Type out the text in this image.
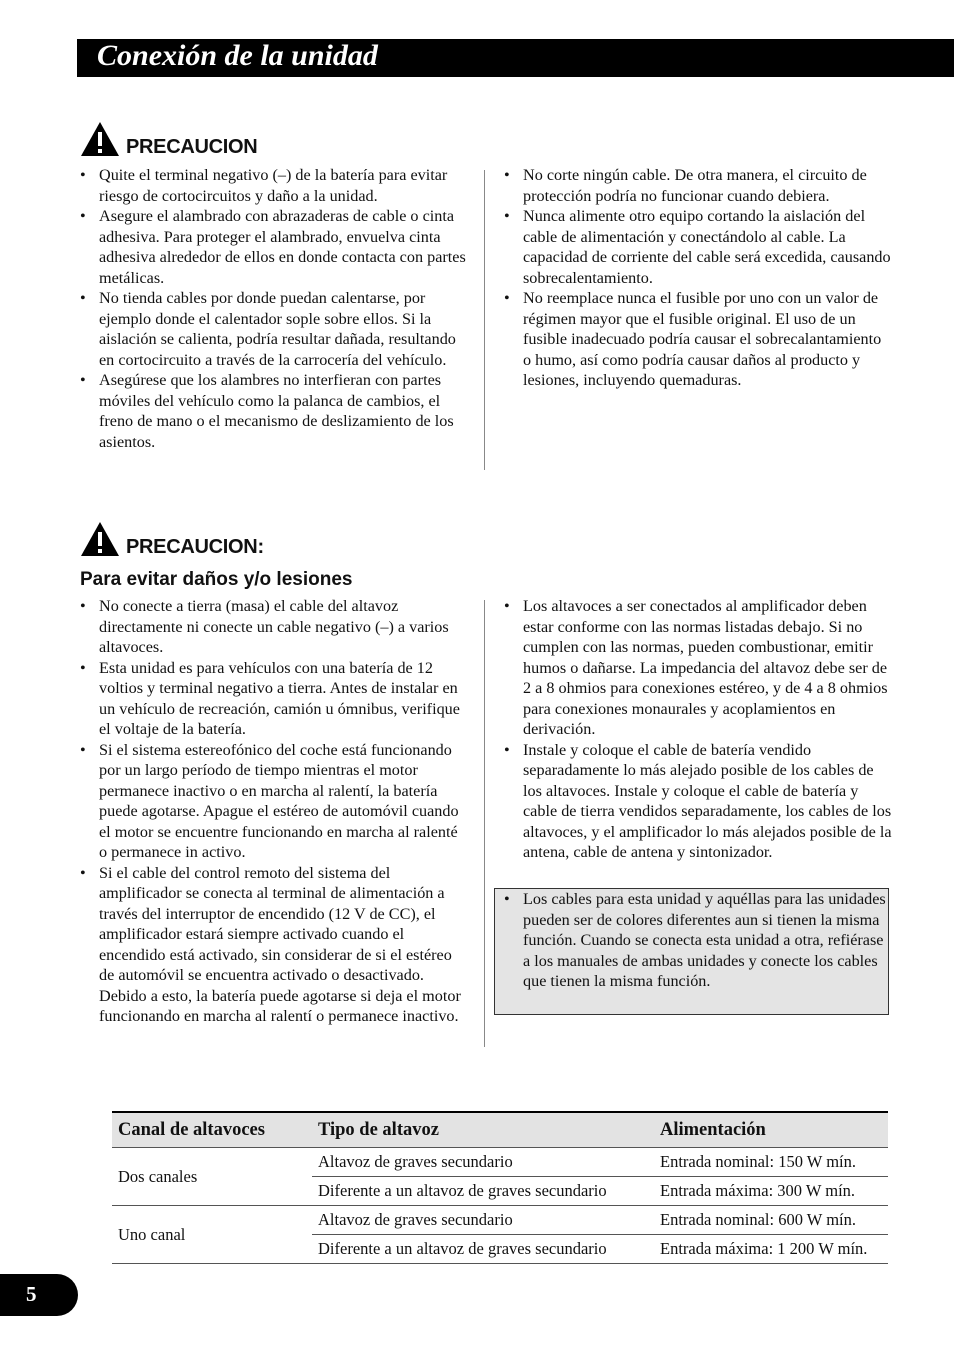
Conexión de la unidad
PRECAUCION
• Quite el terminal negativo (–) de la batería para evitar riesgo de cortocircuitos y daño a la unidad.
• Asegure el alambrado con abrazaderas de cable o cinta adhesiva. Para proteger el alambrado, envuelva cinta adhesiva alrededor de ellos en donde contacta con partes metálicas.
• No tienda cables por donde puedan calentarse, por ejemplo donde el calentador sople sobre ellos. Si la aislación se calienta, podría resultar dañada, resultando en cortocircuito a través de la carrocería del vehículo.
• Asegúrese que los alambres no interfieran con partes móviles del vehículo como la palanca de cambios, el freno de mano o el mecanismo de deslizamiento de los asientos.
• No corte ningún cable. De otra manera, el circuito de protección podría no funcionar cuando debiera.
• Nunca alimente otro equipo cortando la aislación del cable de alimentación y conectándolo al cable. La capacidad de corriente del cable será excedida, causando sobrecalentamiento.
• No reemplace nunca el fusible por uno con un valor de régimen mayor que el fusible original. El uso de un fusible inadecuado podría causar el sobrecalantamiento o humo, así como podría causar daños al producto y lesiones, incluyendo quemaduras.
PRECAUCION:
Para evitar daños y/o lesiones
• No conecte a tierra (masa) el cable del altavoz directamente ni conecte un cable negativo (–) a varios altavoces.
• Esta unidad es para vehículos con una batería de 12 voltios y terminal negativo a tierra. Antes de instalar en un vehículo de recreación, camión u ómnibus, verifique el voltaje de la batería.
• Si el sistema estereofónico del coche está funcionando por un largo período de tiempo mientras el motor permanece inactivo o en marcha al ralentí, la batería puede agotarse. Apague el estéreo de automóvil cuando el motor se encuentre funcionando en marcha al ralenté o permanece in activo.
• Si el cable del control remoto del sistema del amplificador se conecta al terminal de alimentación a través del interruptor de encendido (12 V de CC), el amplificador estará siempre activado cuando el encendido está activado, sin considerar de si el estéreo de automóvil se encuentra activado o desactivado. Debido a esto, la batería puede agotarse si deja el motor funcionando en marcha al ralentí o permanece inactivo.
• Los altavoces a ser conectados al amplificador deben estar conforme con las normas listadas debajo. Si no cumplen con las normas, pueden combustionar, emitir humos o dañarse. La impedancia del altavoz debe ser de 2 a 8 ohmios para conexiones estéreo, y de 4 a 8 ohmios para conexiones monaurales y acoplamientos en derivación.
• Instale y coloque el cable de batería vendido separadamente lo más alejado posible de los cables de los altavoces. Instale y coloque el cable de batería y cable de tierra vendidos separadamente, los cables de los altavoces, y el amplificador lo más alejados posible de la antena, cable de antena y sintonizador.
• Los cables para esta unidad y aquéllas para las unidades pueden ser de colores diferentes aun si tienen la misma función. Cuando se conecta esta unidad a otra, refiérase a los manuales de ambas unidades y conecte los cables que tienen la misma función.
Canal de altavoces	Tipo de altavoz	Alimentación
Dos canales	Altavoz de graves secundario	Entrada nominal: 150 W mín.
	Diferente a un altavoz de graves secundario	Entrada máxima: 300 W mín.
Uno canal	Altavoz de graves secundario	Entrada nominal: 600 W mín.
	Diferente a un altavoz de graves secundario	Entrada máxima: 1 200 W mín.
5
